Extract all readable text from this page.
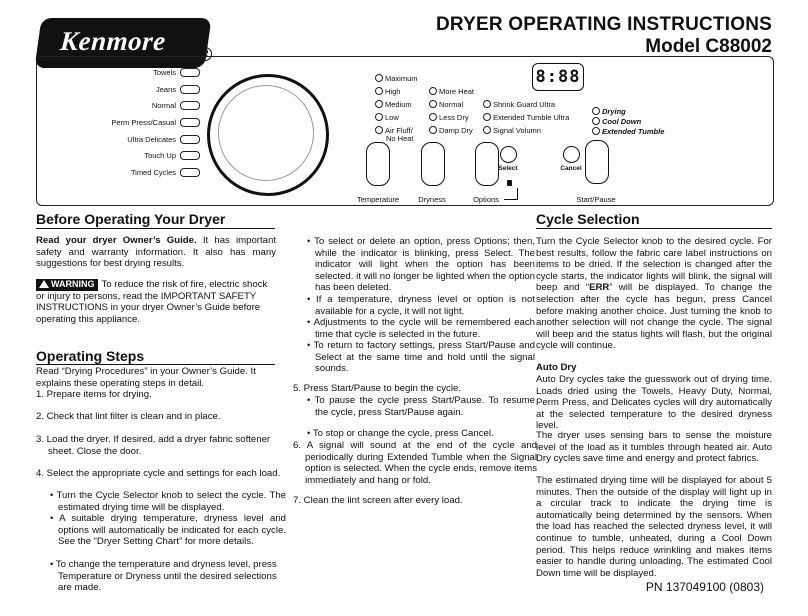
Kenmore	R
DRYER OPERATING INSTRUCTIONS
Model C88002
Towels
Jeans
Normal
Perm Press/Casual
Ultra Delicates
Touch Up
Timed Cycles
Maximum
High
Medium
Low
Air Fluff/
No Heat
More Heat
Normal
Less Dry
Damp Dry
Shrink Guard Ultra
Extended Tumble Ultra
Signal Volumn
8:88
Drying
Cool Down
Extended Tumble
Temperature	Dryness	Options
Select	Cancel
Start/Pause
Before Operating Your Dryer
Read your dryer Owner’s Guide. It has important safety and warranty information. It also has many suggestions for best drying results.
WARNING To reduce the risk of fire, electric shock or injury to persons, read the IMPORTANT SAFETY INSTRUCTIONS in your dryer Owner’s Guide before operating this appliance.
Operating Steps
Read “Drying Procedures” in your Owner’s Guide. It explains these operating steps in detail.
1. Prepare items for drying.
2. Check that lint filter is clean and in place.
3. Load the dryer. If desired, add a dryer fabric softener sheet. Close the door.
4. Select the appropriate cycle and settings for each load.
• Turn the Cycle Selector knob to select the cycle. The estimated drying time will be displayed.
• A suitable drying temperature, dryness level and options will automatically be indicated for each cycle. See the “Dryer Setting Chart” for more details.
• To change the temperature and dryness level, press Temperature or Dryness until the desired selections are made.
• To select or delete an option, press Options; then, while the indicator is blinking, press Select. The indicator will light when the option has been selected. it will no longer be lighted when the option has been deleted.
• If a temperature, dryness level or option is not available for a cycle, it will not light.
• Adjustments to the cycle will be remembered each time that cycle is selected in the future.
• To return to factory settings, press Start/Pause and Select at the same time and hold until the signal sounds.
5. Press Start/Pause to begin the cycle.
• To pause the cycle press Start/Pause. To resume the cycle, press Start/Pause again.
• To stop or change the cycle, press Cancel.
6. A signal will sound at the end of the cycle and periodically during Extended Tumble when the Signal option is selected. When the cycle ends, remove items immediately and hang or fold.
7. Clean the lint screen after every load.
Cycle Selection
Turn the Cycle Selector knob to the desired cycle. For best results, follow the fabric care label instructions on items to be dried. If the selection is changed after the cycle starts, the indicator lights will blink, the signal will beep and “ERR” will be displayed. To change the selection after the cycle has begun, press Cancel before making another choice. Just turning the knob to another selection will not change the cycle. The signal will beep and the status lights will flash, but the original cycle will continue.
Auto Dry
Auto Dry cycles take the guesswork out of drying time. Loads dried using the Towels, Heavy Duty, Normal, Perm Press, and Delicates cycles will dry automatically at the selected temperature to the desired dryness level.
The dryer uses sensing bars to sense the moisture level of the load as it tumbles through heated air. Auto Dry cycles save time and energy and protect fabrics.
The estimated drying time will be displayed for about 5 minutes. Then the outside of the display will light up in a circular track to indicate the drying time is automatically being determined by the sensors. When the load has reached the selected dryness level, it will continue to tumble, unheated, during a Cool Down period. This helps reduce wrinkling and makes items easier to handle during unloading. The estimated Cool Down time will be displayed.
PN 137049100 (0803)
